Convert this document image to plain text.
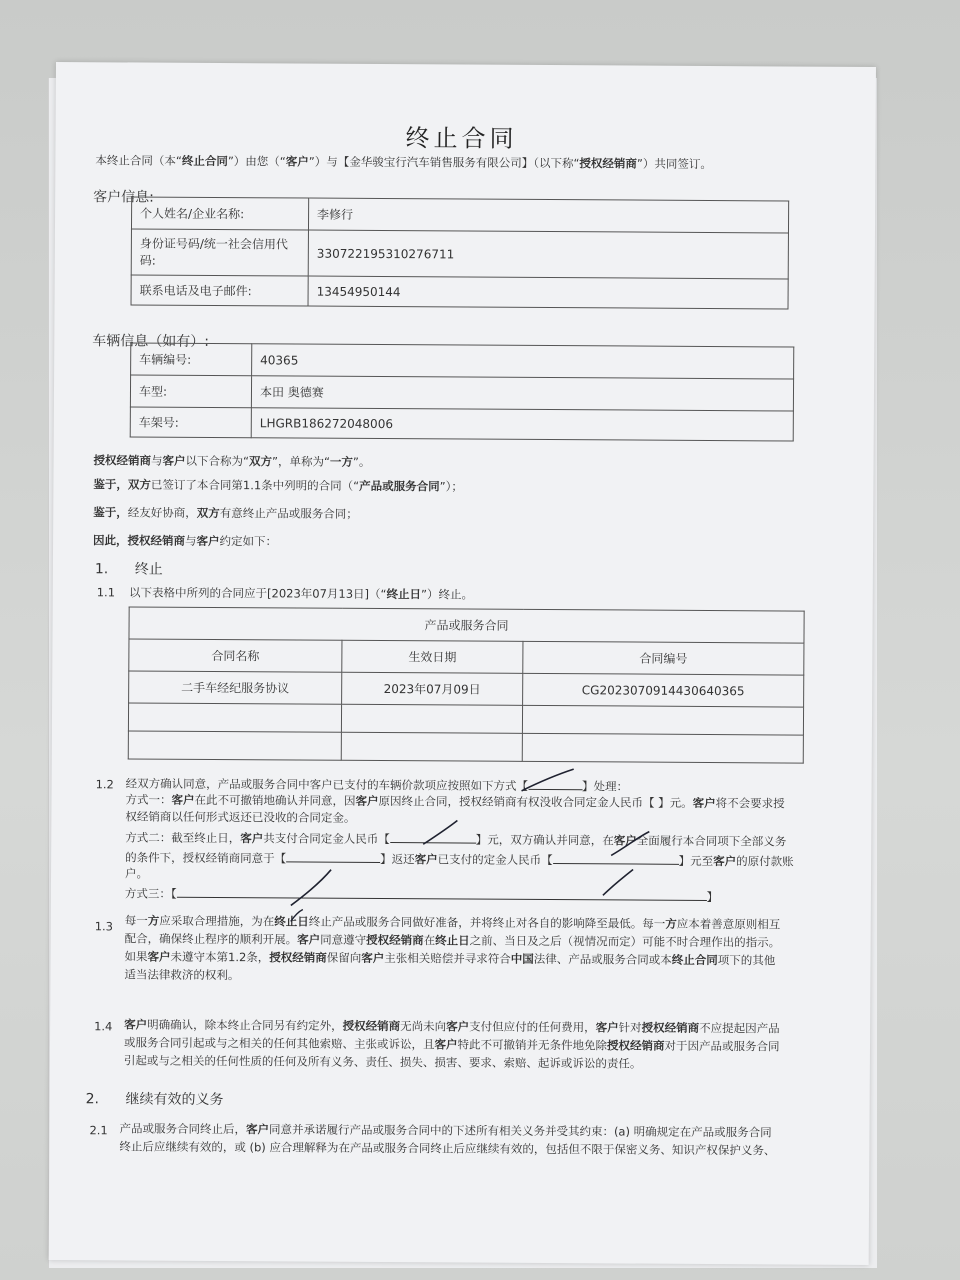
终止合同
本终止合同（本“终止合同”）由您（“客户”）与【金华骏宝行汽车销售服务有限公司】（以下称“授权经销商”）共同签订。
客户信息:
个人姓名/企业名称:	李修行
身份证号码/统一社会信用代码:	330722195310276711
联系电话及电子邮件:	13454950144
车辆信息（如有）:
车辆编号:	40365
车型:	本田 奥德赛
车架号:	LHGRB186272048006
授权经销商与客户以下合称为“双方”，单称为“一方”。
鉴于，双方已签订了本合同第1.1条中列明的合同（“产品或服务合同”）；
鉴于，经友好协商，双方有意终止产品或服务合同；
因此，授权经销商与客户约定如下：
1. 终止
1.1 以下表格中所列的合同应于[2023年07月13日]（“终止日”）终止。
产品或服务合同		
合同名称	生效日期	合同编号
二手车经纪服务协议	2023年07月09日	CG2023070914430640365

1.2 经双方确认同意，产品或服务合同中客户已支付的车辆价款项应按照如下方式【	】处理：
方式一：客户在此不可撤销地确认并同意，因客户原因终止合同，授权经销商有权没收合同定金人民币【 】元。客户将不会要求授
权经销商以任何形式返还已没收的合同定金。
方式二：截至终止日，客户共支付合同定金人民币【	】元，双方确认并同意，在客户全面履行本合同项下全部义务
的条件下，授权经销商同意于【	】返还客户已支付的定金人民币【	】元至客户的原付款账
户。
方式三：【	】
1.3 每一方应采取合理措施，为在终止日终止产品或服务合同做好准备，并将终止对各自的影响降至最低。每一方应本着善意原则相互
配合，确保终止程序的顺利开展。客户同意遵守授权经销商在终止日之前、当日及之后（视情况而定）可能不时合理作出的指示。
如果客户未遵守本第1.2条，授权经销商保留向客户主张相关赔偿并寻求符合中国法律、产品或服务合同或本终止合同项下的其他
适当法律救济的权利。
1.4 客户明确确认，除本终止合同另有约定外，授权经销商无尚未向客户支付但应付的任何费用，客户针对授权经销商不应提起因产品
或服务合同引起或与之相关的任何其他索赔、主张或诉讼，且客户特此不可撤销并无条件地免除授权经销商对于因产品或服务合同
引起或与之相关的任何性质的任何及所有义务、责任、损失、损害、要求、索赔、起诉或诉讼的责任。
2. 继续有效的义务
2.1 产品或服务合同终止后，客户同意并承诺履行产品或服务合同中的下述所有相关义务并受其约束：(a) 明确规定在产品或服务合同
终止后应继续有效的，或 (b) 应合理解释为在产品或服务合同终止后应继续有效的，包括但不限于保密义务、知识产权保护义务、
